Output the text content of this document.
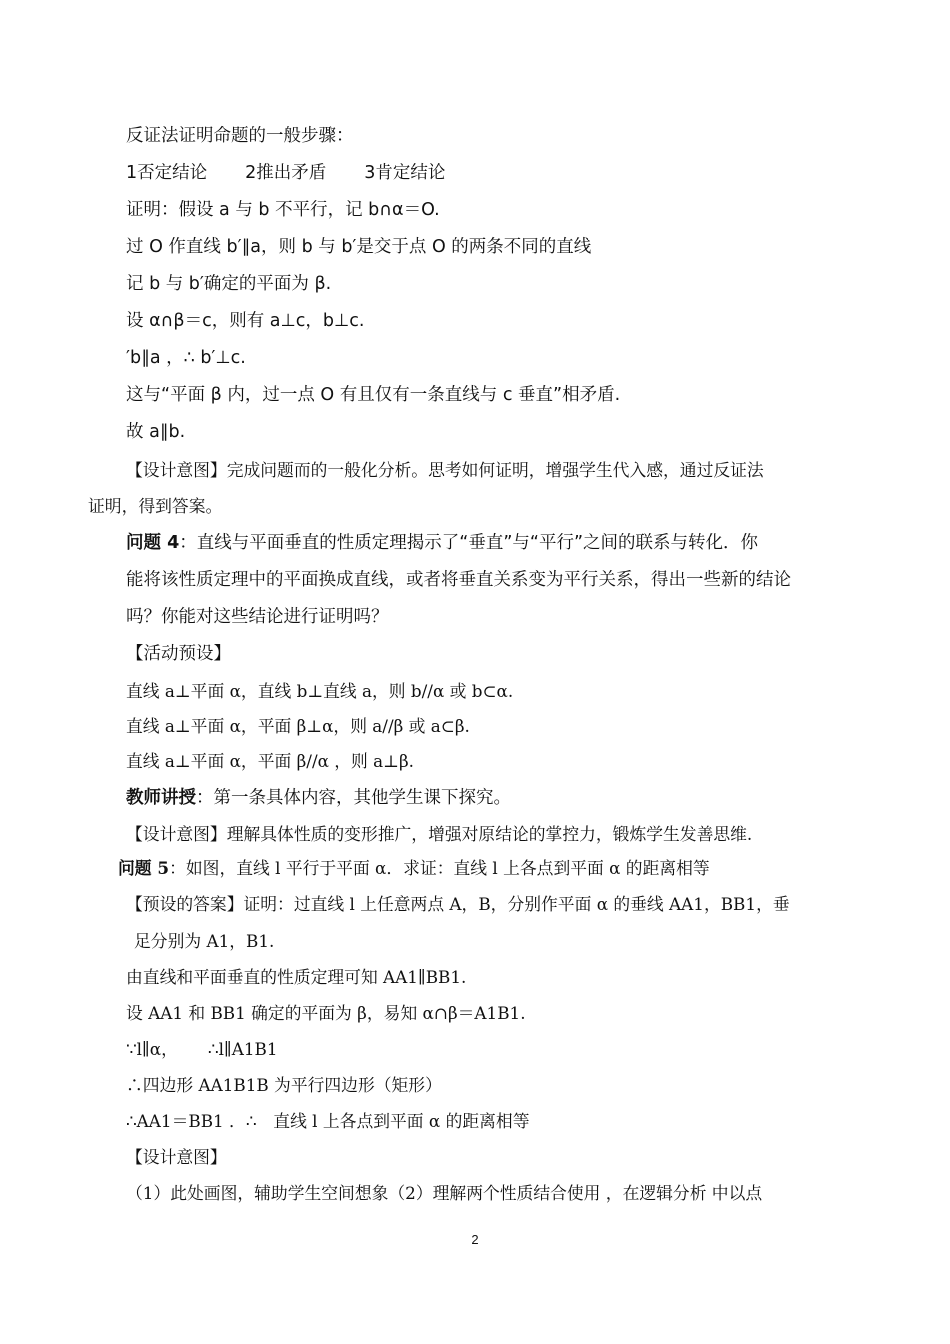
反证法证明命题的一般步骤：
1否定结论 2推出矛盾 3肯定结论
证明：假设 a 与 b 不平行，记 b∩α＝O.
过 O 作直线 b′∥a，则 b 与 b′是交于点 O 的两条不同的直线
记 b 与 b′确定的平面为 β.
设 α∩β＝c，则有 a⊥c，b⊥c.
′b∥a ，∴ b′⊥c.
这与“平面 β 内，过一点 O 有且仅有一条直线与 c 垂直”相矛盾.
故 a∥b.
【设计意图】完成问题而的一般化分析。思考如何证明，增强学生代入感，通过反证法
证明，得到答案。
问题 4：直线与平面垂直的性质定理揭示了“垂直”与“平行”之间的联系与转化．你
能将该性质定理中的平面换成直线，或者将垂直关系变为平行关系，得出一些新的结论
吗？你能对这些结论进行证明吗？
【活动预设】
直线 a⊥平面 α，直线 b⊥直线 a，则 b//α 或 b⊂α.
直线 a⊥平面 α，平面 β⊥α，则 a//β 或 a⊂β.
直线 a⊥平面 α，平面 β//α ，则 a⊥β.
教师讲授：第一条具体内容，其他学生课下探究。
【设计意图】理解具体性质的变形推广，增强对原结论的掌控力，锻炼学生发善思维.
问题 5：如图，直线 l 平行于平面 α．求证：直线 l 上各点到平面 α 的距离相等
【预设的答案】证明：过直线 l 上任意两点 A，B，分别作平面 α 的垂线 AA1，BB1，垂
足分别为 A1，B1.
由直线和平面垂直的性质定理可知 AA1∥BB1.
设 AA1 和 BB1 确定的平面为 β，易知 α∩β＝A1B1.
∵l∥α， ∴l∥A1B1
∴四边形 AA1B1B 为平行四边形（矩形）
∴AA1＝BB1 ．∴　直线 l 上各点到平面 α 的距离相等
【设计意图】
（1）此处画图，辅助学生空间想象（2）理解两个性质结合使用 ，在逻辑分析 中以点
2
